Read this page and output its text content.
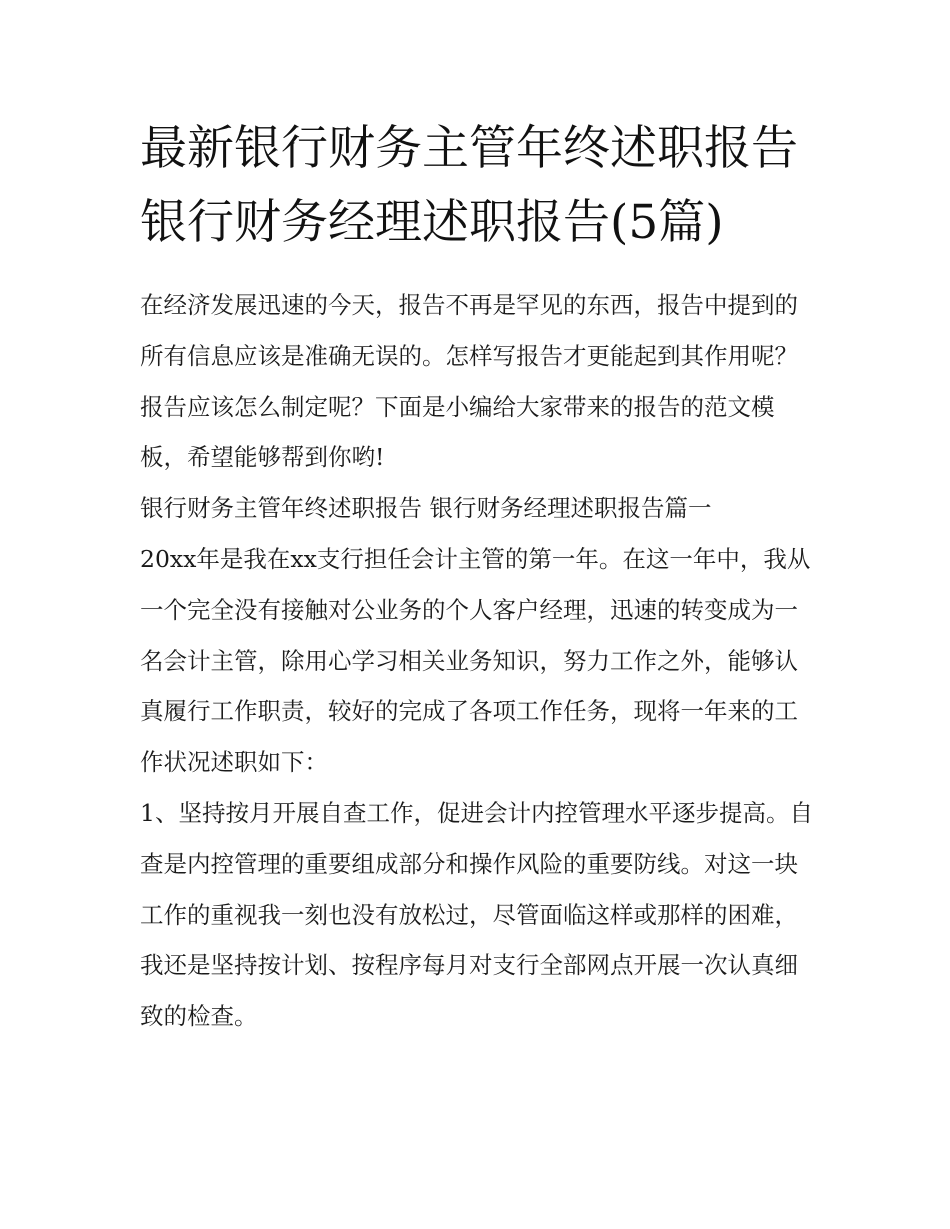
最新银行财务主管年终述职报告 银行财务经理述职报告(5篇)

在经济发展迅速的今天，报告不再是罕见的东西，报告中提到的所有信息应该是准确无误的。怎样写报告才更能起到其作用呢？报告应该怎么制定呢？下面是小编给大家带来的报告的范文模板，希望能够帮到你哟!

银行财务主管年终述职报告 银行财务经理述职报告篇一

20xx年是我在xx支行担任会计主管的第一年。在这一年中，我从一个完全没有接触对公业务的个人客户经理，迅速的转变成为一名会计主管，除用心学习相关业务知识，努力工作之外，能够认真履行工作职责，较好的完成了各项工作任务，现将一年来的工作状况述职如下：

1、坚持按月开展自查工作，促进会计内控管理水平逐步提高。自查是内控管理的重要组成部分和操作风险的重要防线。对这一块工作的重视我一刻也没有放松过，尽管面临这样或那样的困难，我还是坚持按计划、按程序每月对支行全部网点开展一次认真细致的检查。
